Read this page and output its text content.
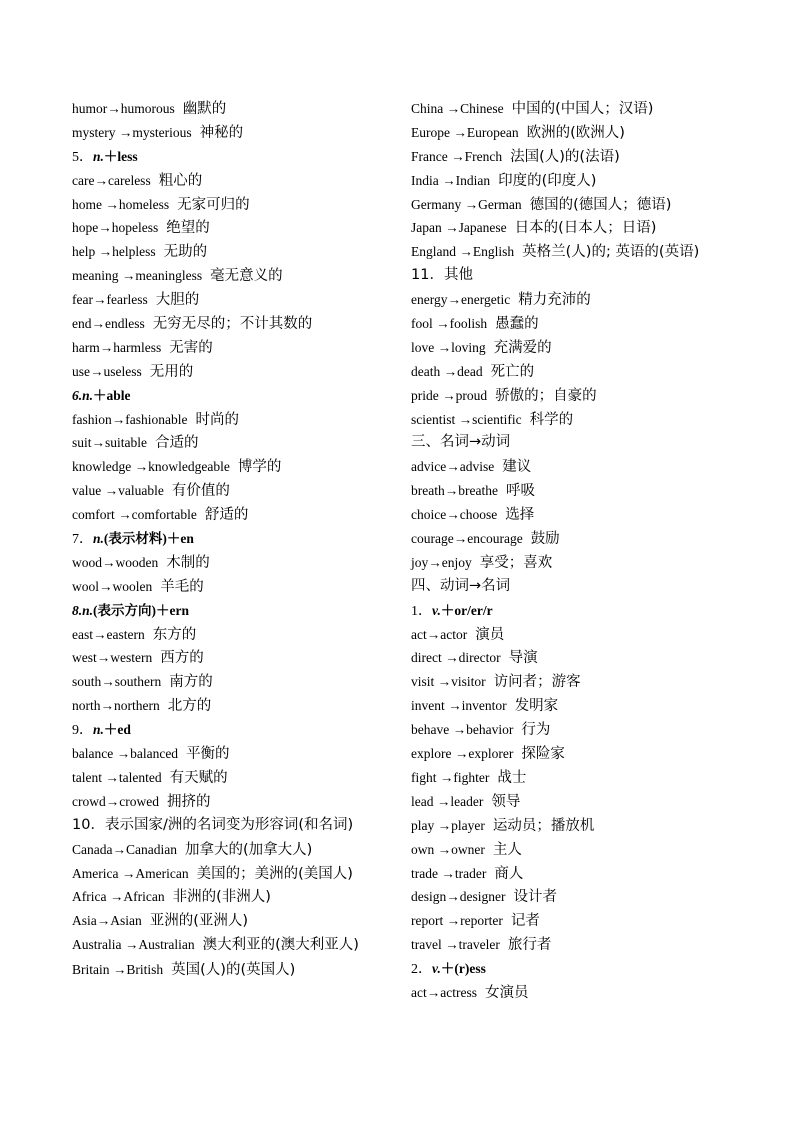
humor→humorous 幽默的
mystery →mysterious 神秘的
5．n.＋less
care→careless 粗心的
home →homeless 无家可归的
hope→hopeless 绝望的
help →helpless 无助的
meaning →meaningless 毫无意义的
fear→fearless 大胆的
end→endless 无穷无尽的；不计其数的
harm→harmless 无害的
use→useless 无用的
6.n.＋able
fashion→fashionable 时尚的
suit→suitable 合适的
knowledge →knowledgeable 博学的
value →valuable 有价值的
comfort →comfortable 舒适的
7．n.(表示材料)＋en
wood→wooden 木制的
wool→woolen 羊毛的
8.n.(表示方向)＋ern
east→eastern 东方的
west→western 西方的
south→southern 南方的
north→northern 北方的
9．n.＋ed
balance →balanced 平衡的
talent →talented 有天赋的
crowd→crowed 拥挤的
10．表示国家/洲的名词变为形容词(和名词)
Canada→Canadian 加拿大的(加拿大人)
America →American 美国的；美洲的(美国人)
Africa →African 非洲的(非洲人)
Asia→Asian 亚洲的(亚洲人)
Australia →Australian 澳大利亚的(澳大利亚人)
Britain →British 英国(人)的(英国人)
China →Chinese 中国的(中国人；汉语)
Europe →European 欧洲的(欧洲人)
France →French 法国(人)的(法语)
India →Indian 印度的(印度人)
Germany →German 德国的(德国人；德语)
Japan →Japanese 日本的(日本人；日语)
England →English 英格兰(人)的; 英语的(英语)
11．其他
energy→energetic 精力充沛的
fool →foolish 愚蠢的
love →loving 充满爱的
death →dead 死亡的
pride →proud 骄傲的；自豪的
scientist →scientific 科学的
三、名词→动词
advice→advise 建议
breath→breathe 呼吸
choice→choose 选择
courage→encourage 鼓励
joy→enjoy 享受；喜欢
四、动词→名词
1．v.＋or/er/r
act→actor 演员
direct →director 导演
visit →visitor 访问者；游客
invent →inventor 发明家
behave →behavior 行为
explore →explorer 探险家
fight →fighter 战士
lead →leader 领导
play →player 运动员；播放机
own →owner 主人
trade →trader 商人
design→designer 设计者
report →reporter 记者
travel →traveler 旅行者
2．v.＋(r)ess
act→actress 女演员
